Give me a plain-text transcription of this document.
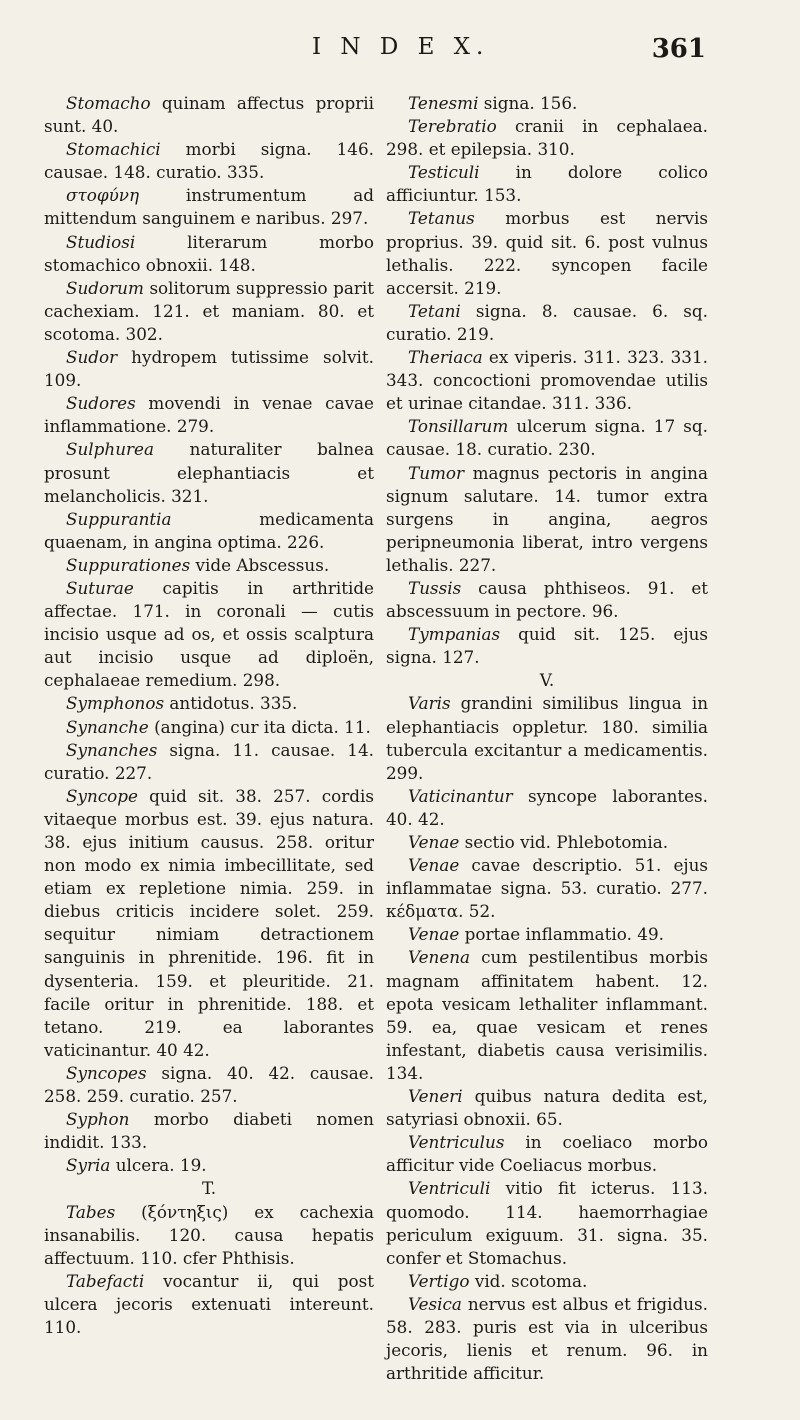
I N D E X.	361
Stomacho quinam affectus proprii sunt. 40.
Stomachici morbi signa. 146. causae. 148. curatio. 335.
στοφύνη instrumentum ad mittendum sanguinem e naribus. 297.
Studiosi literarum morbo stomachico obnoxii. 148.
Sudorum solitorum suppressio parit cachexiam. 121. et maniam. 80. et scotoma. 302.
Sudor hydropem tutissime solvit. 109.
Sudores movendi in venae cavae inflammatione. 279.
Sulphurea naturaliter balnea prosunt elephantiacis et melancholicis. 321.
Suppurantia medicamenta quaenam, in angina optima. 226.
Suppurationes vide Abscessus.
Suturae capitis in arthritide affectae. 171. in coronali — cutis incisio usque ad os, et ossis scalptura aut incisio usque ad diploën, cephalaeae remedium. 298.
Symphonos antidotus. 335.
Synanche (angina) cur ita dicta. 11.
Synanches signa. 11. causae. 14. curatio. 227.
Syncope quid sit. 38. 257. cordis vitaeque morbus est. 39. ejus natura. 38. ejus initium causus. 258. oritur non modo ex nimia imbecillitate, sed etiam ex repletione nimia. 259. in diebus criticis incidere solet. 259. sequitur nimiam detractionem sanguinis in phrenitide. 196. fit in dysenteria. 159. et pleuritide. 21. facile oritur in phrenitide. 188. et tetano. 219. ea laborantes vaticinantur. 40 42.
Syncopes signa. 40. 42. causae. 258. 259. curatio. 257.
Syphon morbo diabeti nomen indidit. 133.
Syria ulcera. 19.
T.
Tabes (ξόντηξις) ex cachexia insanabilis. 120. causa hepatis affectuum. 110. cfer Phthisis.
Tabefacti vocantur ii, qui post ulcera jecoris extenuati intereunt. 110.
Tenesmi signa. 156.
Terebratio cranii in cephalaea. 298. et epilepsia. 310.
Testiculi in dolore colico afficiuntur. 153.
Tetanus morbus est nervis proprius. 39. quid sit. 6. post vulnus lethalis. 222. syncopen facile accersit. 219.
Tetani signa. 8. causae. 6. sq. curatio. 219.
Theriaca ex viperis. 311. 323. 331. 343. concoctioni promovendae utilis et urinae citandae. 311. 336.
Tonsillarum ulcerum signa. 17 sq. causae. 18. curatio. 230.
Tumor magnus pectoris in angina signum salutare. 14. tumor extra surgens in angina, aegros peripneumonia liberat, intro vergens lethalis. 227.
Tussis causa phthiseos. 91. et abscessuum in pectore. 96.
Tympanias quid sit. 125. ejus signa. 127.
V.
Varis grandini similibus lingua in elephantiacis oppletur. 180. similia tubercula excitantur a medicamentis. 299.
Vaticinantur syncope laborantes. 40. 42.
Venae sectio vid. Phlebotomia.
Venae cavae descriptio. 51. ejus inflammatae signa. 53. curatio. 277. κέδματα. 52.
Venae portae inflammatio. 49.
Venena cum pestilentibus morbis magnam affinitatem habent. 12. epota vesicam lethaliter inflammant. 59. ea, quae vesicam et renes infestant, diabetis causa verisimilis. 134.
Veneri quibus natura dedita est, satyriasi obnoxii. 65.
Ventriculus in coeliaco morbo afficitur vide Coeliacus morbus.
Ventriculi vitio fit icterus. 113. quomodo. 114. haemorrhagiae periculum exiguum. 31. signa. 35. confer et Stomachus.
Vertigo vid. scotoma.
Vesica nervus est albus et frigidus. 58. 283. puris est via in ulceribus jecoris, lienis et renum. 96. in arthritide afficitur.
